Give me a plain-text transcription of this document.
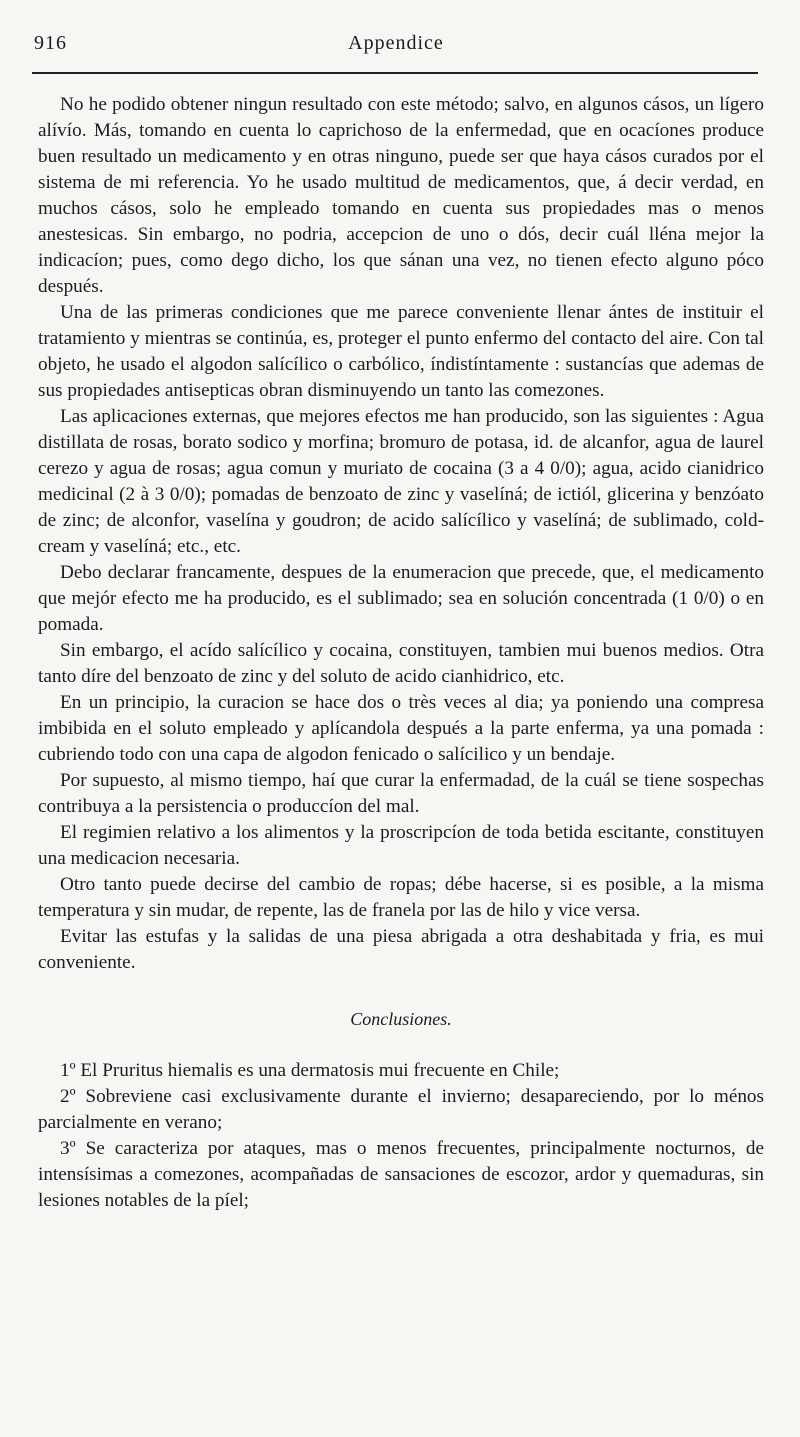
916	Appendice

No he podido obtener ningun resultado con este método; salvo, en algunos cásos, un lígero alívío. Más, tomando en cuenta lo caprichoso de la enfermedad, que en ocacíones produce buen resultado un medicamento y en otras ninguno, puede ser que haya cásos curados por el sistema de mi referencia. Yo he usado multitud de medicamentos, que, á decir verdad, en muchos cásos, solo he empleado tomando en cuenta sus propiedades mas o menos anestesicas. Sin embargo, no podria, accepcion de uno o dós, decir cuál lléna mejor la indicacíon; pues, como dego dicho, los que sánan una vez, no tienen efecto alguno póco después.

Una de las primeras condiciones que me parece conveniente llenar ántes de instituir el tratamiento y mientras se continúa, es, proteger el punto enfermo del contacto del aire. Con tal objeto, he usado el algodon salícílico o carbólico, índistíntamente : sustancías que ademas de sus propiedades antisepticas obran disminuyendo un tanto las comezones.

Las aplicaciones externas, que mejores efectos me han producido, son las siguientes : Agua distillata de rosas, borato sodico y morfina; bromuro de potasa, id. de alcanfor, agua de laurel cerezo y agua de rosas; agua comun y muriato de cocaina (3 a 4 0/0); agua, acido cianidrico medicinal (2 à 3 0/0); pomadas de benzoato de zinc y vaselíná; de ictiól, glicerina y benzóato de zinc; de alconfor, vaselína y goudron; de acido salícílico y vaselíná; de sublimado, cold-cream y vaselíná; etc., etc.

Debo declarar francamente, despues de la enumeracion que precede, que, el medicamento que mejór efecto me ha producido, es el sublimado; sea en solución concentrada (1 0/0) o en pomada.

Sin embargo, el acído salícílico y cocaina, constituyen, tambien mui buenos medios. Otra tanto díre del benzoato de zinc y del soluto de acido cianhidrico, etc.

En un principio, la curacion se hace dos o très veces al dia; ya poniendo una compresa imbibida en el soluto empleado y aplícandola después a la parte enferma, ya una pomada : cubriendo todo con una capa de algodon fenicado o salícilico y un bendaje.

Por supuesto, al mismo tiempo, haí que curar la enfermadad, de la cuál se tiene sospechas contribuya a la persistencia o produccíon del mal.

El regimien relativo a los alimentos y la proscripcíon de toda betida escitante, constituyen una medicacion necesaria.

Otro tanto puede decirse del cambio de ropas; débe hacerse, si es posible, a la misma temperatura y sin mudar, de repente, las de franela por las de hilo y vice versa.

Evitar las estufas y la salidas de una piesa abrigada a otra deshabitada y fria, es mui conveniente.

Conclusiones.

1º El Pruritus hiemalis es una dermatosis mui frecuente en Chile;

2º Sobreviene casi exclusivamente durante el invierno; desapareciendo, por lo ménos parcialmente en verano;

3º Se caracteriza por ataques, mas o menos frecuentes, principalmente nocturnos, de intensísimas a comezones, acompañadas de sansaciones de escozor, ardor y quemaduras, sin lesiones notables de la píel;
